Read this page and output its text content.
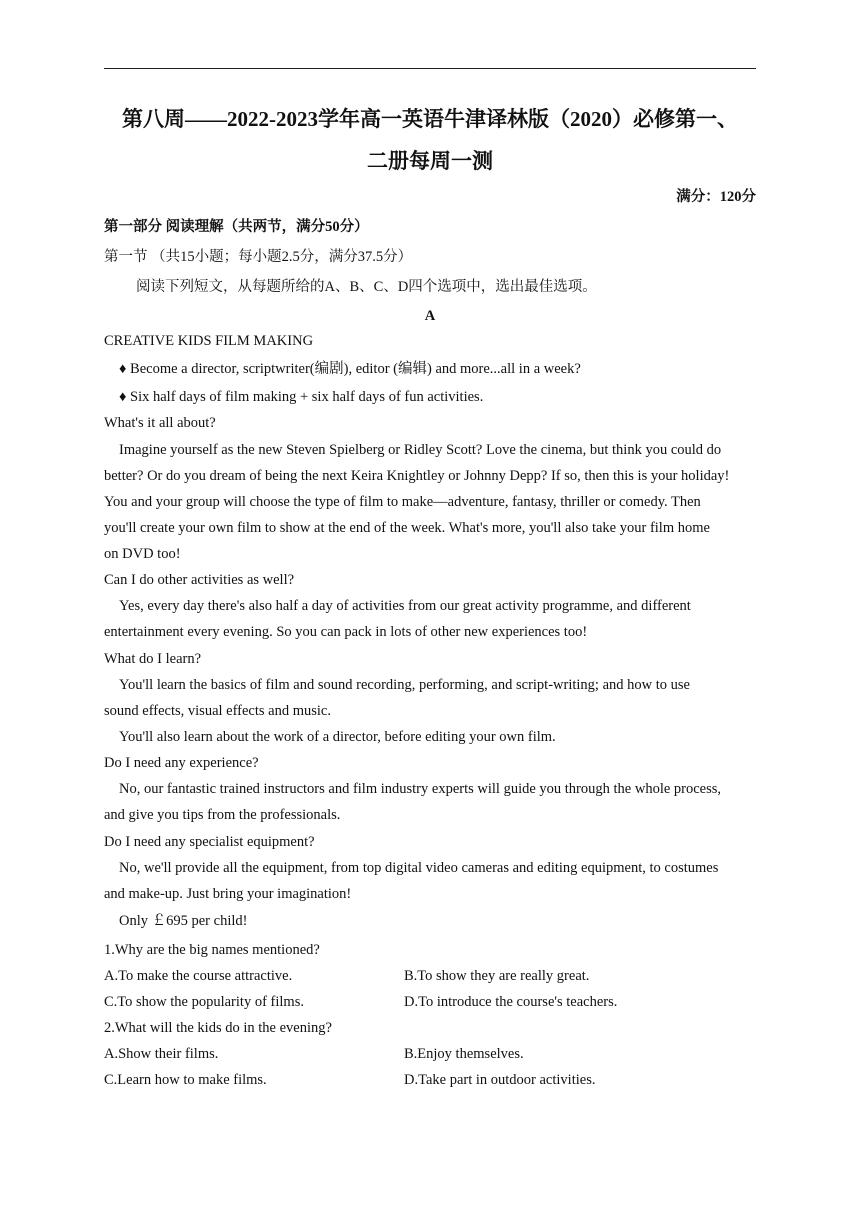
第八周——2022-2023学年高一英语牛津译林版（2020）必修第一、
二册每周一测
满分：120分
第一部分 阅读理解（共两节，满分50分）
第一节 （共15小题；每小题2.5分，满分37.5分）
阅读下列短文，从每题所给的A、B、C、D四个选项中，选出最佳选项。
A
CREATIVE KIDS FILM MAKING
♦ Become a director, scriptwriter(编剧), editor (编辑) and more...all in a week?
♦ Six half days of film making + six half days of fun activities.
What's it all about?
Imagine yourself as the new Steven Spielberg or Ridley Scott? Love the cinema, but think you could do
better? Or do you dream of being the next Keira Knightley or Johnny Depp? If so, then this is your holiday!
You and your group will choose the type of film to make—adventure, fantasy, thriller or comedy. Then
you'll create your own film to show at the end of the week. What's more, you'll also take your film home
on DVD too!
Can I do other activities as well?
Yes, every day there's also half a day of activities from our great activity programme, and different
entertainment every evening. So you can pack in lots of other new experiences too!
What do I learn?
You'll learn the basics of film and sound recording, performing, and script-writing; and how to use
sound effects, visual effects and music.
You'll also learn about the work of a director, before editing your own film.
Do I need any experience?
No, our fantastic trained instructors and film industry experts will guide you through the whole process,
and give you tips from the professionals.
Do I need any specialist equipment?
No, we'll provide all the equipment, from top digital video cameras and editing equipment, to costumes
and make-up. Just bring your imagination!
Only ￡695 per child!
1.Why are the big names mentioned?
A.To make the course attractive.	B.To show they are really great.
C.To show the popularity of films.	D.To introduce the course's teachers.
2.What will the kids do in the evening?
A.Show their films.	B.Enjoy themselves.
C.Learn how to make films.	D.Take part in outdoor activities.
